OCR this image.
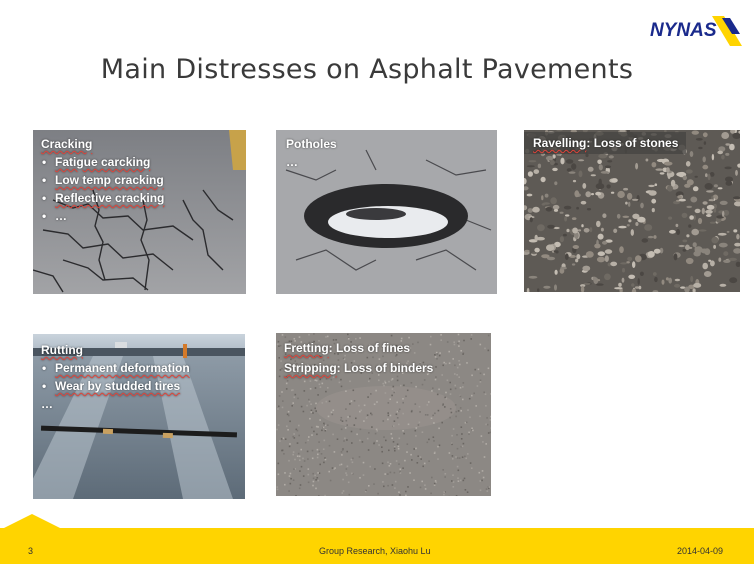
NYNAS
Main Distresses on Asphalt Pavements
Cracking
• Fatigue carcking
• Low temp cracking
• Reflective cracking
• …
Potholes
…
Ravelling: Loss of stones
Rutting
• Permanent deformation
• Wear by studded tires
…
Fretting: Loss of fines
Stripping: Loss of binders
3	Group Research, Xiaohu Lu	2014-04-09
